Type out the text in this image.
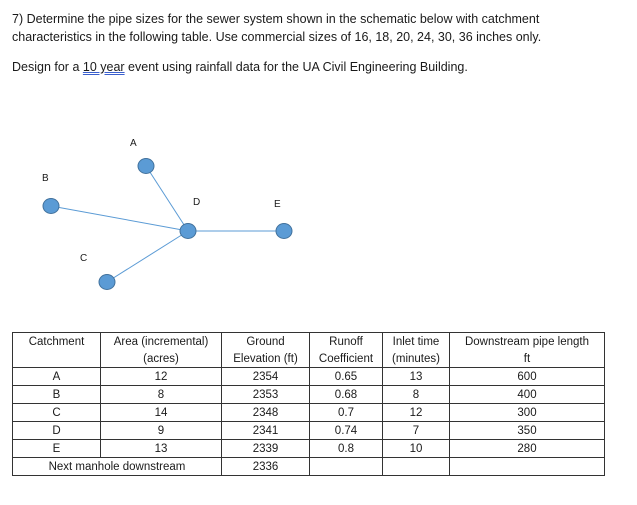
7) Determine the pipe sizes for the sewer system shown in the schematic below with catchment
characteristics in the following table. Use commercial sizes of 16, 18, 20, 24, 30, 36 inches only.
Design for a 10 year event using rainfall data for the UA Civil Engineering Building.
A
B
C
D	E
Catchment	Area (incremental)	Ground	Runoff	Inlet time	Downstream pipe length
	(acres)	Elevation (ft)	Coefficient	(minutes)	ft
A	12	2354	0.65	13	600
B	8	2353	0.68	8	400
C	14	2348	0.7	12	300
D	9	2341	0.74	7	350
E	13	2339	0.8	10	280
Next manhole downstream		2336			
